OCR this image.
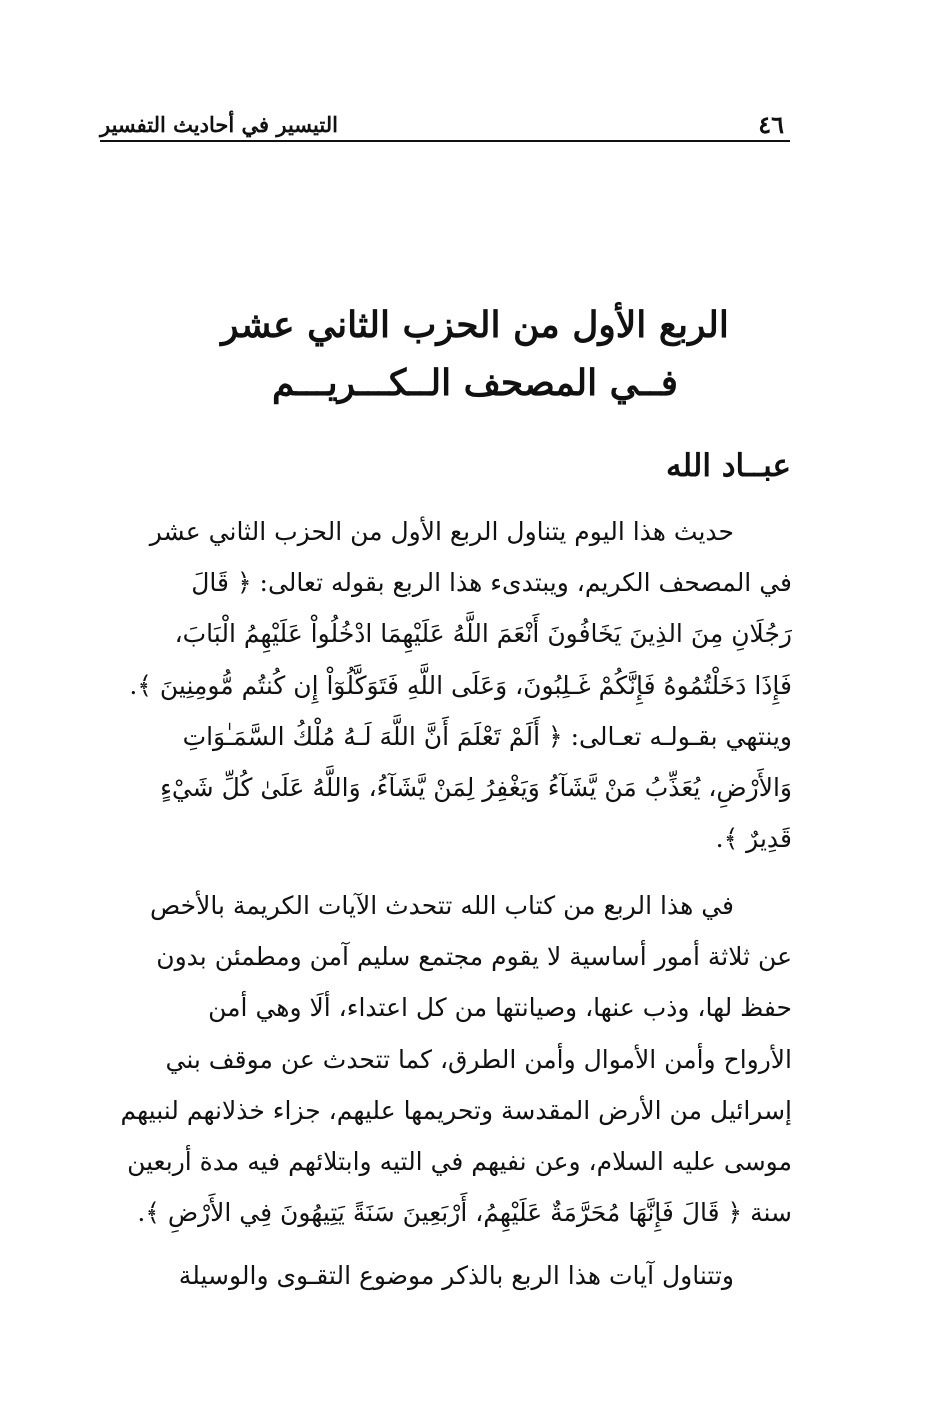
٤٦
التيسير في أحاديث التفسير
الربع الأول من الحزب الثاني عشر
فــي المصحف الــكـــريـــم
عبــاد الله
حديث هذا اليوم يتناول الربع الأول من الحزب الثاني عشر
في المصحف الكريم، ويبتدىء هذا الربع بقوله تعالى: ﴿ قَالَ
رَجُلَانِ مِنَ الذِينَ يَخَافُونَ أَنْعَمَ اللَّهُ عَلَيْهِمَا ادْخُلُواْ عَلَيْهِمُ الْبَابَ،
فَإِذَا دَخَلْتُمُوهُ فَإِنَّكُمْ غَـلِبُونَ، وَعَلَى اللَّهِ فَتَوَكَّلُوٓاْ إِن كُنتُم مُّومِنِينَ ﴾.
وينتهي بقـولـه تعـالى: ﴿ أَلَمْ تَعْلَمَ أَنَّ اللَّهَ لَـهُ مُلْكُ السَّمَـٰوَاتِ
وَالأَرْضِ، يُعَذِّبُ مَنْ يَّشَآءُ وَيَغْفِرُ لِمَنْ يَّشَآءُ، وَاللَّهُ عَلَىٰ كُلِّ شَيْءٍ
قَدِيرٌ ﴾.
في هذا الربع من كتاب الله تتحدث الآيات الكريمة بالأخص
عن ثلاثة أمور أساسية لا يقوم مجتمع سليم آمن ومطمئن بدون
حفظ لها، وذب عنها، وصيانتها من كل اعتداء، ألَا وهي أمن
الأرواح وأمن الأموال وأمن الطرق، كما تتحدث عن موقف بني
إسرائيل من الأرض المقدسة وتحريمها عليهم، جزاء خذلانهم لنبيهم
موسى عليه السلام، وعن نفيهم في التيه وابتلائهم فيه مدة أربعين
سنة ﴿ قَالَ فَإِنَّهَا مُحَرَّمَةٌ عَلَيْهِمُ، أَرْبَعِينَ سَنَةً يَتِيهُونَ فِي الأَرْضِ ﴾.
وتتناول آيات هذا الربع بالذكر موضوع التقـوى والوسيلة
